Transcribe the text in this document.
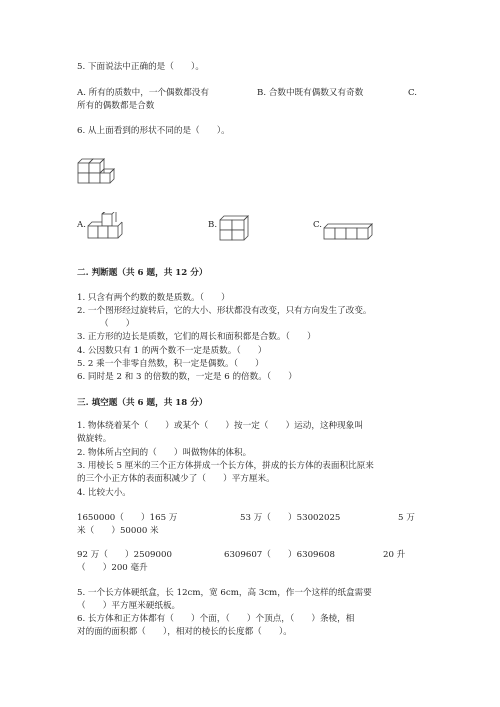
5. 下面说法中正确的是（　　）。
A. 所有的质数中，一个偶数都没有	B. 合数中既有偶数又有奇数	C.
所有的偶数都是合数
6. 从上面看到的形状不同的是（　　）。
A.	B.	C.
二. 判断题（共 6 题，共 12 分）
1. 只含有两个约数的数是质数。（　　）
2. 一个图形经过旋转后，它的大小、形状都没有改变，只有方向发生了改变。
（　　）
3. 正方形的边长是质数，它们的周长和面积都是合数。（　　）
4. 公因数只有 1 的两个数不一定是质数。（　　）
5. 2 乘一个非零自然数，积一定是偶数。（　　）
6. 同时是 2 和 3 的倍数的数，一定是 6 的倍数。（　　）
三. 填空题（共 6 题，共 18 分）
1. 物体绕着某个（　　）或某个（　　）按一定（　　）运动，这种现象叫
做旋转。
2. 物体所占空间的（　　）叫做物体的体积。
3. 用棱长 5 厘米的三个正方体拼成一个长方体，拼成的长方体的表面积比原来
的三个小正方体的表面积减少了（　　）平方厘米。
4. 比较大小。
1650000（　　）165 万	53 万（　　）53002025	5 万
米（　　）50000 米
92 万（　　）2509000	6309607（　　）6309608	20 升
（　　）200 毫升
5. 一个长方体硬纸盒，长 12cm，宽 6cm，高 3cm，作一个这样的纸盒需要
（　　）平方厘米硬纸板。
6. 长方体和正方体都有（　　）个面，（　　）个顶点，（　　）条棱，相
对的面的面积都（　　），相对的棱长的长度都（　　）。
